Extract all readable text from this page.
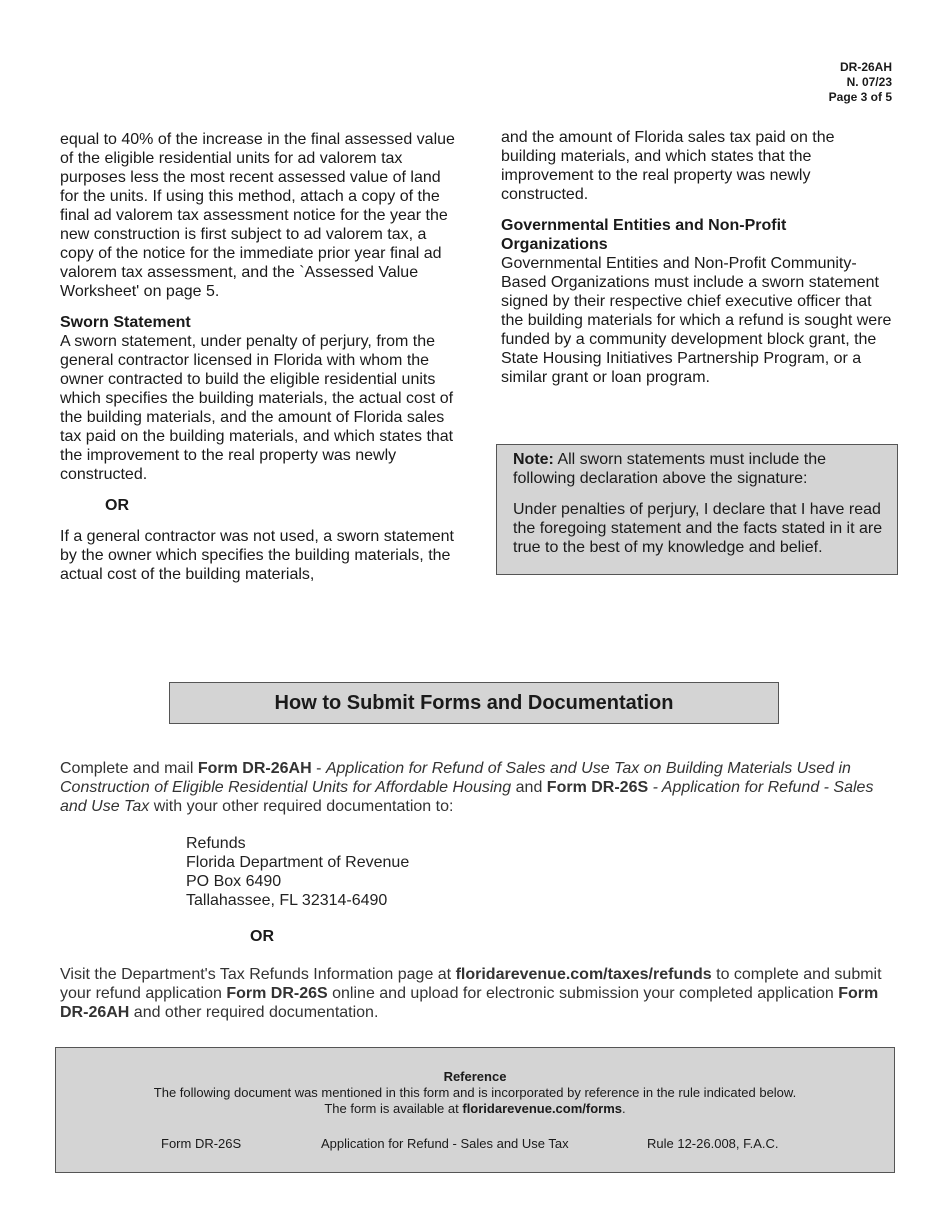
DR-26AH
N. 07/23
Page 3 of 5

equal to 40% of the increase in the final assessed value of the eligible residential units for ad valorem tax purposes less the most recent assessed value of land for the units. If using this method, attach a copy of the final ad valorem tax assessment notice for the year the new construction is first subject to ad valorem tax, a copy of the notice for the immediate prior year final ad valorem tax assessment, and the `Assessed Value Worksheet' on page 5.

Sworn Statement

A sworn statement, under penalty of perjury, from the general contractor licensed in Florida with whom the owner contracted to build the eligible residential units which specifies the building materials, the actual cost of the building materials, and the amount of Florida sales tax paid on the building materials, and which states that the improvement to the real property was newly constructed.

OR

If a general contractor was not used, a sworn statement by the owner which specifies the building materials, the actual cost of the building materials,

and the amount of Florida sales tax paid on the building materials, and which states that the improvement to the real property was newly constructed.

Governmental Entities and Non-Profit Organizations

Governmental Entities and Non-Profit Community-Based Organizations must include a sworn statement signed by their respective chief executive officer that the building materials for which a refund is sought were funded by a community development block grant, the State Housing Initiatives Partnership Program, or a similar grant or loan program.

Note: All sworn statements must include the following declaration above the signature:

Under penalties of perjury, I declare that I have read the foregoing statement and the facts stated in it are true to the best of my knowledge and belief.

How to Submit Forms and Documentation
Complete and mail Form DR-26AH - Application for Refund of Sales and Use Tax on Building Materials Used in Construction of Eligible Residential Units for Affordable Housing and Form DR-26S - Application for Refund - Sales and Use Tax with your other required documentation to:
Refunds
Florida Department of Revenue
PO Box 6490
Tallahassee, FL 32314-6490
OR
Visit the Department's Tax Refunds Information page at floridarevenue.com/taxes/refunds to complete and submit your refund application Form DR-26S online and upload for electronic submission your completed application Form DR-26AH and other required documentation.
Reference
The following document was mentioned in this form and is incorporated by reference in the rule indicated below.
The form is available at floridarevenue.com/forms.
Form DR-26S	Application for Refund - Sales and Use Tax	Rule 12-26.008, F.A.C.
